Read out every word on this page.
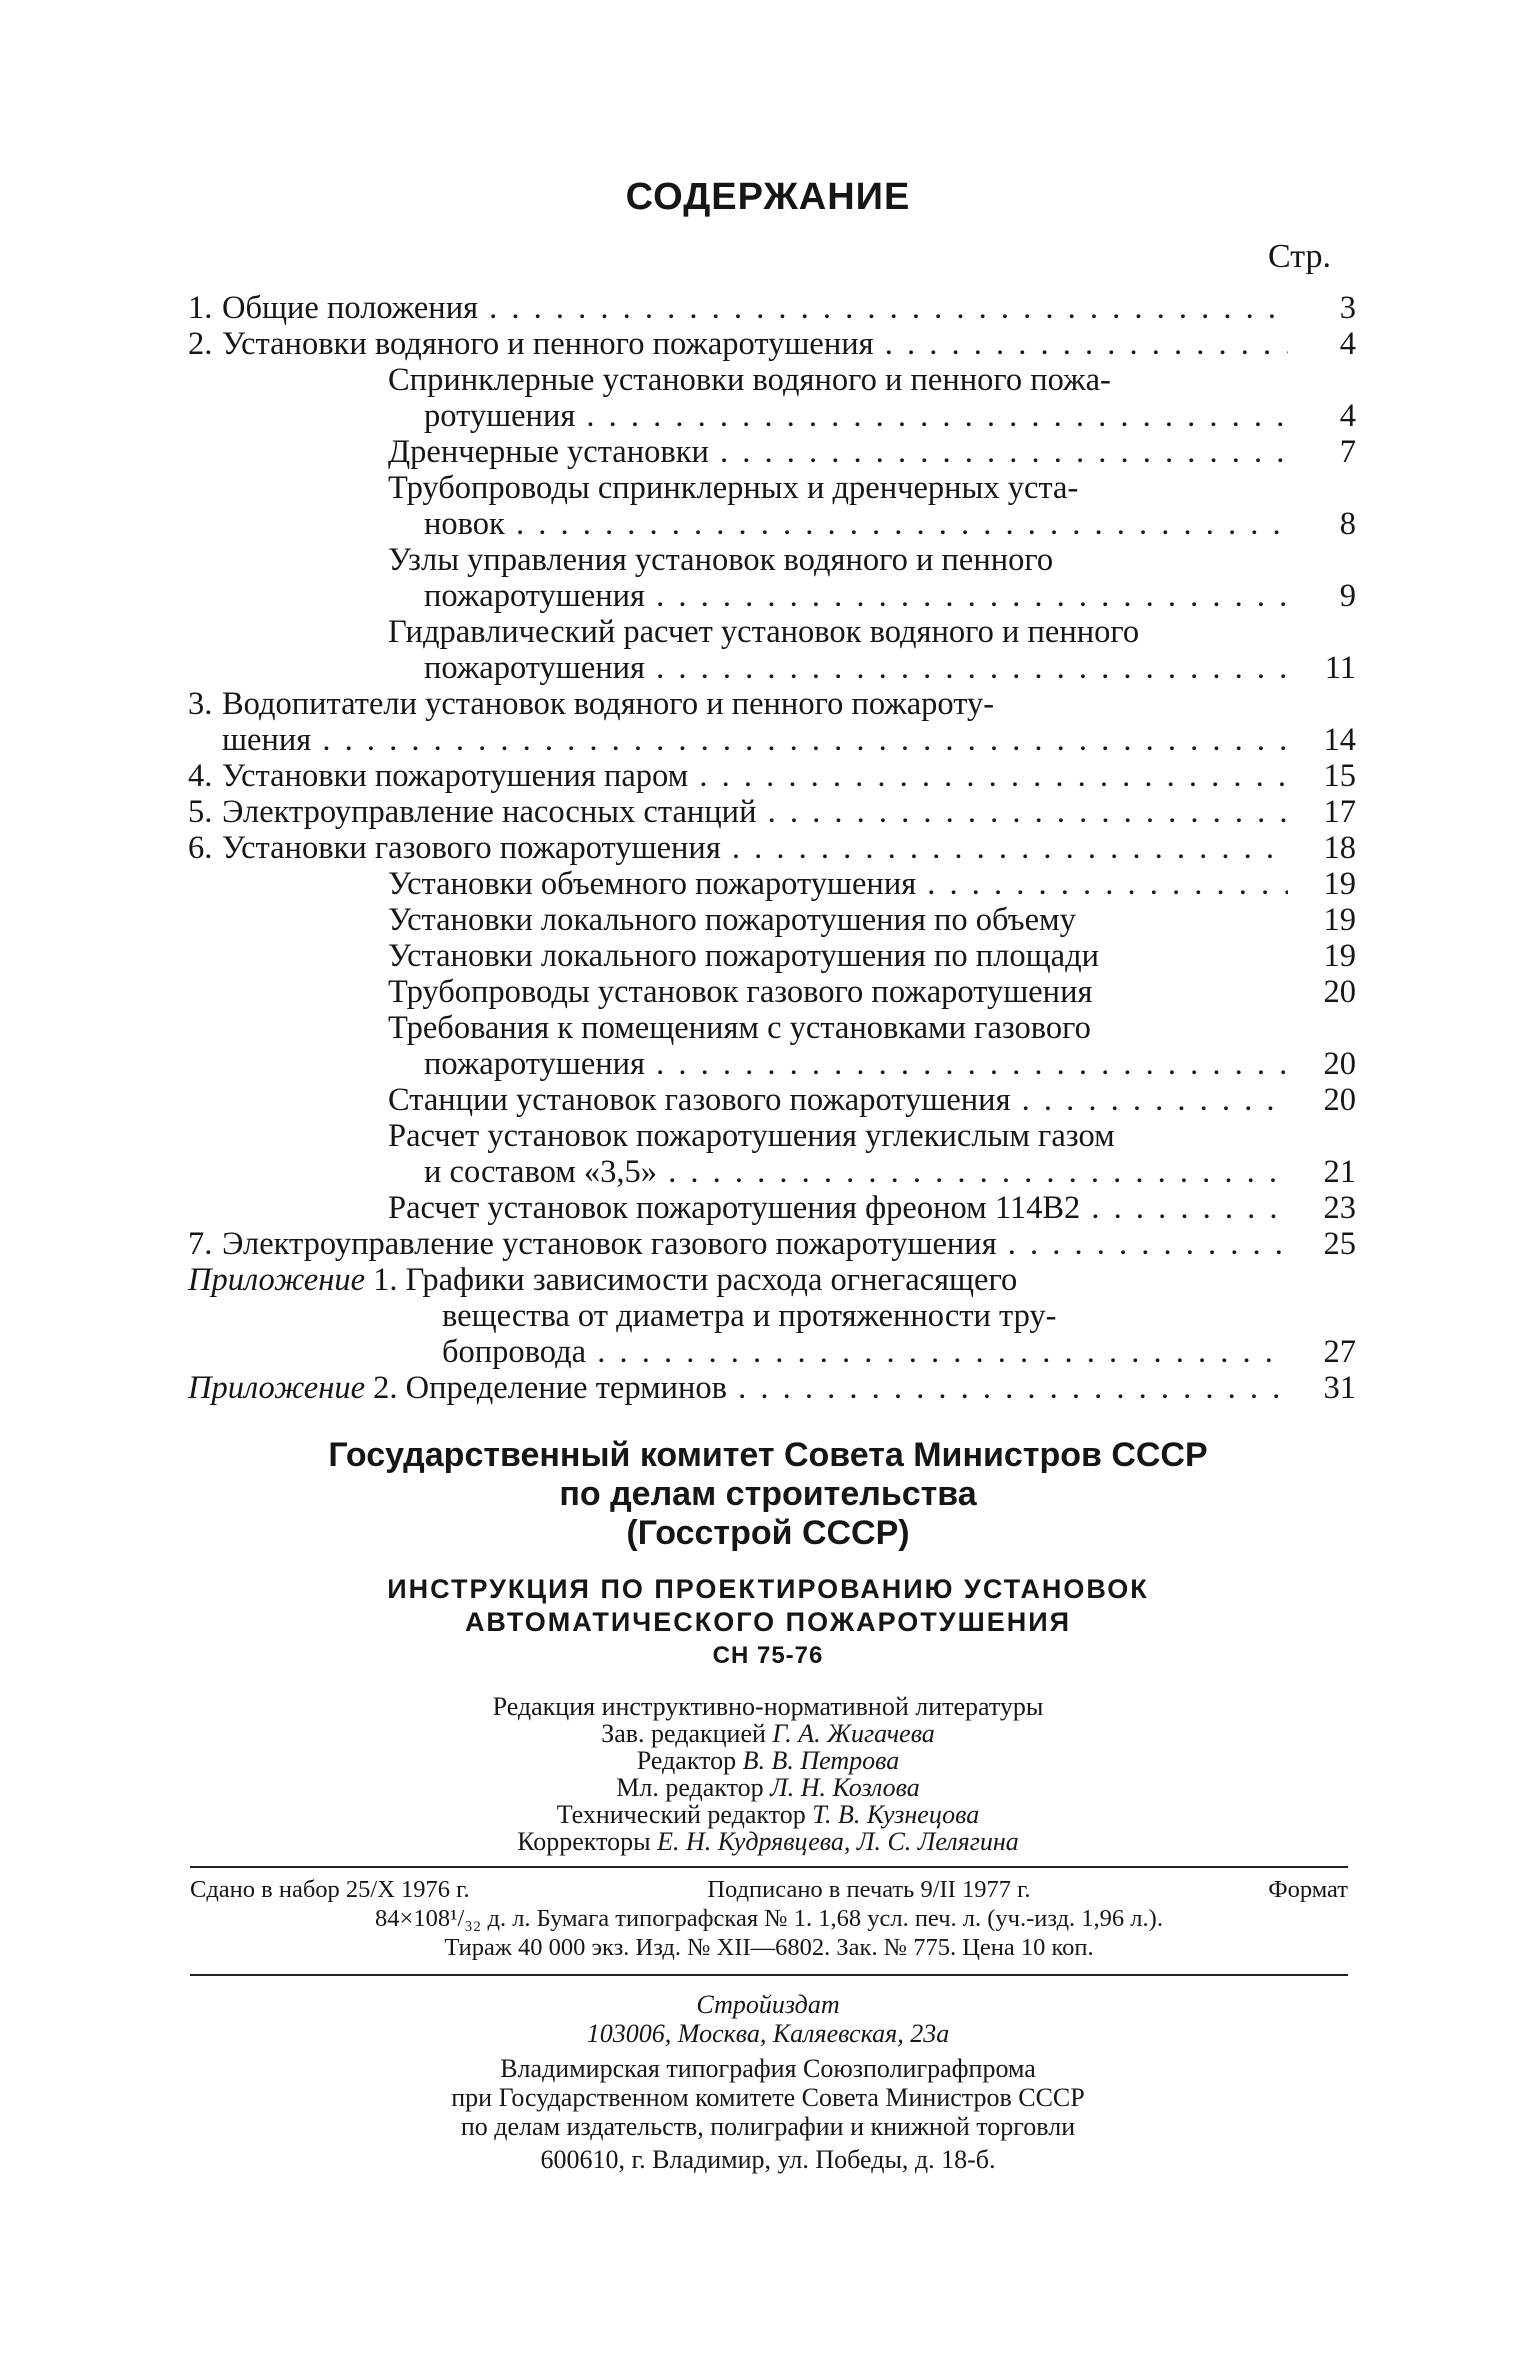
СОДЕРЖАНИЕ
Стр.
1. Общие положения . . .	3
2. Установки водяного и пенного пожаротушения . . .	4
Спринклерные установки водяного и пенного пожа-
ротушения . . .	4
Дренчерные установки . . .	7
Трубопроводы спринклерных и дренчерных уста-
новок . . .	8
Узлы управления установок водяного и пенного
пожаротушения . . .	9
Гидравлический расчет установок водяного и пенного
пожаротушения . . .	11
3. Водопитатели установок водяного и пенного пожароту-
шения . . .	14
4. Установки пожаротушения паром . . .	15
5. Электроуправление насосных станций . . .	17
6. Установки газового пожаротушения . . .	18
Установки объемного пожаротушения . . .	19
Установки локального пожаротушения по объему	19
Установки локального пожаротушения по площади	19
Трубопроводы установок газового пожаротушения	20
Требования к помещениям с установками газового
пожаротушения . . .	20
Станции установок газового пожаротушения . . .	20
Расчет установок пожаротушения углекислым газом
и составом «3,5» . . .	21
Расчет установок пожаротушения фреоном 114В2 . . .	23
7. Электроуправление установок газового пожаротушения . . .	25
Приложение 1. Графики зависимости расхода огнегасящего
вещества от диаметра и протяженности тру-
бопровода . . .	27
Приложение 2. Определение терминов . . .	31
Государственный комитет Совета Министров СССР
по делам строительства
(Госстрой СССР)
ИНСТРУКЦИЯ ПО ПРОЕКТИРОВАНИЮ УСТАНОВОК
АВТОМАТИЧЕСКОГО ПОЖАРОТУШЕНИЯ
СН 75-76
Редакция инструктивно-нормативной литературы
Зав. редакцией Г. А. Жигачева
Редактор В. В. Петрова
Мл. редактор Л. Н. Козлова
Технический редактор Т. В. Кузнецова
Корректоры Е. Н. Кудрявцева, Л. С. Лелягина
Сдано в набор 25/X 1976 г.	Подписано в печать 9/II 1977 г.	Формат
84×108¹/₃₂ д. л. Бумага типографская № 1. 1,68 усл. печ. л. (уч.-изд. 1,96 л.).
Тираж 40 000 экз. Изд. № XII—6802. Зак. № 775. Цена 10 коп.
Стройиздат
103006, Москва, Каляевская, 23а
Владимирская типография Союзполиграфпрома
при Государственном комитете Совета Министров СССР
по делам издательств, полиграфии и книжной торговли
600610, г. Владимир, ул. Победы, д. 18-б.
